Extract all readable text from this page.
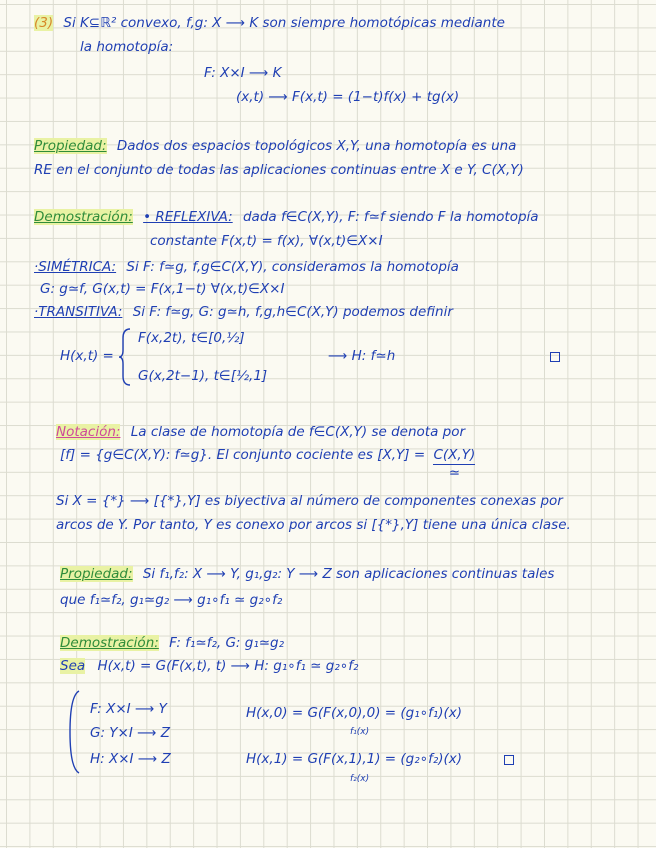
(3) Si K⊆ℝ² convexo, f,g: X ⟶ K son siempre homotópicas mediante
la homotopía:
F: X×I ⟶ K
(x,t) ⟶ F(x,t) = (1−t)f(x) + tg(x)
Propiedad: Dados dos espacios topológicos X,Y, una homotopía es una
RE en el conjunto de todas las aplicaciones continuas entre X e Y, C(X,Y)
Demostración: • REFLEXIVA: dada f∈C(X,Y), F: f≃f siendo F la homotopía
constante F(x,t) = f(x), ∀(x,t)∈X×I
·SIMÉTRICA: Si F: f≃g, f,g∈C(X,Y), consideramos la homotopía
G: g≃f, G(x,t) = F(x,1−t) ∀(x,t)∈X×I
·TRANSITIVA: Si F: f≃g, G: g≃h, f,g,h∈C(X,Y) podemos definir
H(x,t) =
F(x,2t), t∈[0,½]
G(x,2t−1), t∈[½,1]
⟶ H: f≃h
Notación: La clase de homotopía de f∈C(X,Y) se denota por
[f] = {g∈C(X,Y): f≃g}. El conjunto cociente es [X,Y] = C(X,Y)
≃
Si X = {*} ⟶ [{*},Y] es biyectiva al número de componentes conexas por
arcos de Y. Por tanto, Y es conexo por arcos si [{*},Y] tiene una única clase.
Propiedad: Si f₁,f₂: X ⟶ Y, g₁,g₂: Y ⟶ Z son aplicaciones continuas tales
que f₁≃f₂, g₁≃g₂ ⟶ g₁∘f₁ ≃ g₂∘f₂
Demostración: F: f₁≃f₂, G: g₁≃g₂
Sea H(x,t) = G(F(x,t), t) ⟶ H: g₁∘f₁ ≃ g₂∘f₂
F: X×I ⟶ Y
G: Y×I ⟶ Z
H: X×I ⟶ Z
H(x,0) = G(F(x,0),0) = (g₁∘f₁)(x)
f₁(x)
H(x,1) = G(F(x,1),1) = (g₂∘f₂)(x)
f₂(x)
